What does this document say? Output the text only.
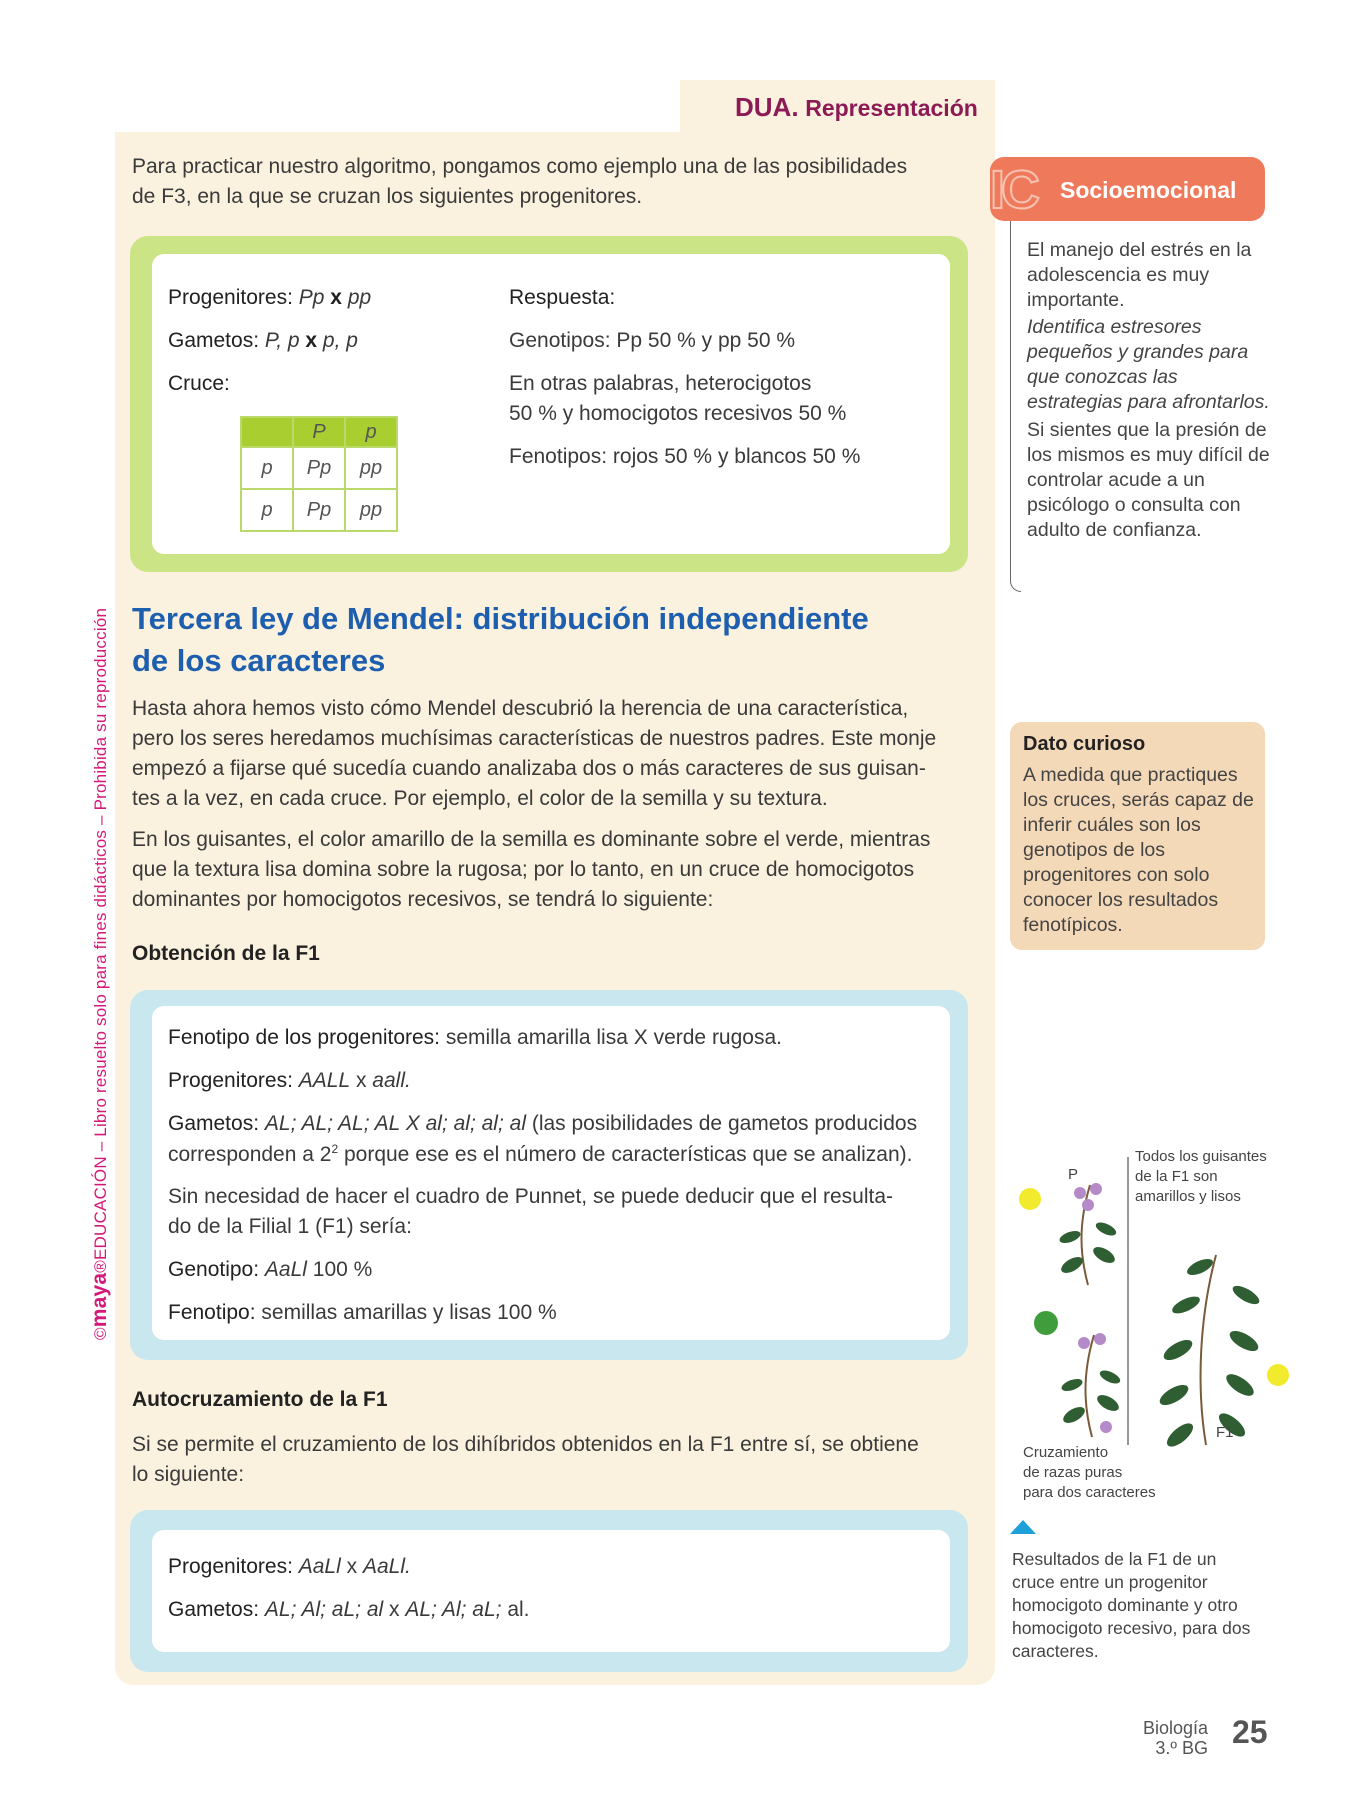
©maya®EDUCACIÓN – Libro resuelto solo para fines didácticos – Prohibida su reproducción
DUA. Representación
Para practicar nuestro algoritmo, pongamos como ejemplo una de las posibilidades
de F3, en la que se cruzan los siguientes progenitores.
Progenitores: Pp x pp
Gametos: P, p x p, p
Cruce:
	P	p
p	Pp	pp
p	Pp	pp
Respuesta:
Genotipos: Pp 50 % y pp 50 %
En otras palabras, heterocigotos
50 % y homocigotos recesivos 50 %
Fenotipos: rojos 50 % y blancos 50 %
Tercera ley de Mendel: distribución independiente
de los caracteres
Hasta ahora hemos visto cómo Mendel descubrió la herencia de una característica,
pero los seres heredamos muchísimas características de nuestros padres. Este monje
empezó a fijarse qué sucedía cuando analizaba dos o más caracteres de sus guisan-
tes a la vez, en cada cruce. Por ejemplo, el color de la semilla y su textura.
En los guisantes, el color amarillo de la semilla es dominante sobre el verde, mientras
que la textura lisa domina sobre la rugosa; por lo tanto, en un cruce de homocigotos
dominantes por homocigotos recesivos, se tendrá lo siguiente:
Obtención de la F1
Fenotipo de los progenitores: semilla amarilla lisa X verde rugosa.
Progenitores: AALL x aall.
Gametos: AL; AL; AL; AL X al; al; al; al (las posibilidades de gametos producidos
corresponden a $2^2$ porque ese es el número de características que se analizan).
Sin necesidad de hacer el cuadro de Punnet, se puede deducir que el resulta-
do de la Filial 1 (F1) sería:
Genotipo: AaLl 100 %
Fenotipo: semillas amarillas y lisas 100 %
Autocruzamiento de la F1
Si se permite el cruzamiento de los dihíbridos obtenidos en la F1 entre sí, se obtiene
lo siguiente:
Progenitores: AaLl x AaLl.
Gametos: AL; Al; aL; al x AL; Al; aL; al.
IC Socioemocional
El manejo del estrés en la adolescencia es muy importante.
Identifica estresores pequeños y grandes para que conozcas las estrategias para afrontarlos.
Si sientes que la presión de los mismos es muy difícil de controlar acude a un psicólogo o consulta con adulto de confianza.
Dato curioso
A medida que practiques los cruces, serás capaz de inferir cuáles son los genotipos de los progenitores con solo conocer los resultados fenotípicos.
P
F1
Todos los guisantes de la F1 son amarillos y lisos
Cruzamiento
de razas puras
para dos caracteres
Resultados de la F1 de un cruce entre un progenitor homocigoto dominante y otro homocigoto recesivo, para dos caracteres.
Biología
3.º BG 25
